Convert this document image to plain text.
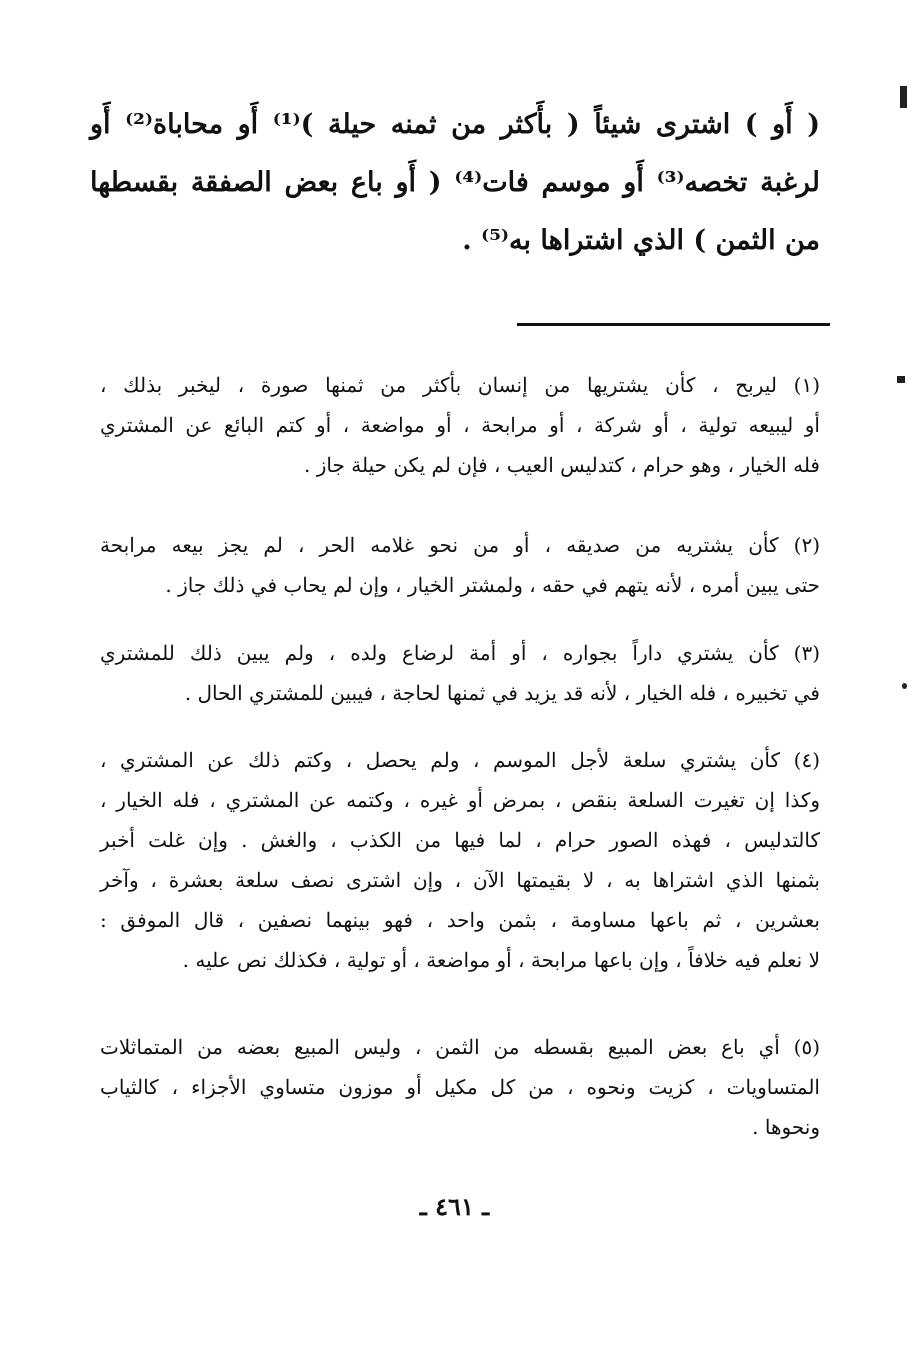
( أَو ) اشترى شيئاً ( بأَكثر من ثمنه حيلة )⁽¹⁾ أَو محاباة⁽²⁾ أَو
لرغبة تخصه⁽³⁾ أَو موسم فات⁽⁴⁾ ( أَو باع بعض الصفقة بقسطها
من الثمن ) الذي اشتراها به⁽⁵⁾ .
(١) ليربح ، كأن يشتريها من إنسان بأكثر من ثمنها صورة ، ليخبر بذلك ،
أو ليبيعه تولية ، أو شركة ، أو مرابحة ، أو مواضعة ، أو كتم البائع عن المشتري
فله الخيار ، وهو حرام ، كتدليس العيب ، فإن لم يكن حيلة جاز .
(٢) كأن يشتريه من صديقه ، أو من نحو غلامه الحر ، لم يجز بيعه مرابحة
حتى يبين أمره ، لأنه يتهم في حقه ، ولمشتر الخيار ، وإن لم يحاب في ذلك جاز .
(٣) كأن يشتري داراً بجواره ، أو أمة لرضاع ولده ، ولم يبين ذلك للمشتري
في تخبيره ، فله الخيار ، لأنه قد يزيد في ثمنها لحاجة ، فيبين للمشتري الحال .
(٤) كأن يشتري سلعة لأجل الموسم ، ولم يحصل ، وكتم ذلك عن المشتري ،
وكذا إن تغيرت السلعة بنقص ، بمرض أو غيره ، وكتمه عن المشتري ، فله الخيار ،
كالتدليس ، فهذه الصور حرام ، لما فيها من الكذب ، والغش . وإن غلت أخبر
بثمنها الذي اشتراها به ، لا بقيمتها الآن ، وإن اشترى نصف سلعة بعشرة ، وآخر
بعشرين ، ثم باعها مساومة ، بثمن واحد ، فهو بينهما نصفين ، قال الموفق :
لا نعلم فيه خلافاً ، وإن باعها مرابحة ، أو مواضعة ، أو تولية ، فكذلك نص عليه .
(٥) أي باع بعض المبيع بقسطه من الثمن ، وليس المبيع بعضه من المتماثلات
المتساويات ، كزيت ونحوه ، من كل مكيل أو موزون متساوي الأجزاء ، كالثياب
ونحوها .
ـ ٤٦١ ـ
